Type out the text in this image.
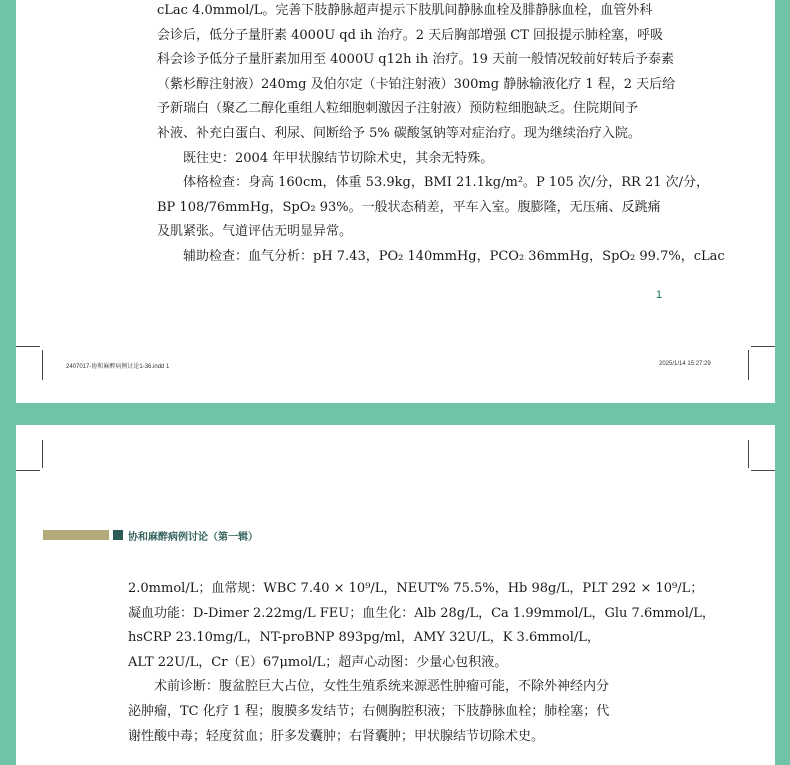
cLac 4.0mmol/L。完善下肢静脉超声提示下肢肌间静脉血栓及腓静脉血栓，血管外科

会诊后，低分子量肝素 4000U qd ih 治疗。2 天后胸部增强 CT 回报提示肺栓塞，呼吸

科会诊予低分子量肝素加用至 4000U q12h ih 治疗。19 天前一般情况较前好转后予泰素

（紫杉醇注射液）240mg 及伯尔定（卡铂注射液）300mg 静脉输液化疗 1 程，2 天后给

予新瑞白（聚乙二醇化重组人粒细胞刺激因子注射液）预防粒细胞缺乏。住院期间予

补液、补充白蛋白、利尿、间断给予 5% 碳酸氢钠等对症治疗。现为继续治疗入院。

　　既往史：2004 年甲状腺结节切除术史，其余无特殊。

　　体格检查：身高 160cm，体重 53.9kg，BMI 21.1kg/m²。P 105 次/分，RR 21 次/分，

BP 108/76mmHg，SpO₂ 93%。一般状态稍差，平车入室。腹膨隆，无压痛、反跳痛

及肌紧张。气道评估无明显异常。

　　辅助检查：血气分析：pH 7.43，PO₂ 140mmHg，PCO₂ 36mmHg，SpO₂ 99.7%，cLac

1
2407017-协和麻醉病例讨论1-36.indd 1	2025/1/14 15:27:29
协和麻醉病例讨论（第一辑）

2.0mmol/L；血常规：WBC 7.40 × 10⁹/L，NEUT% 75.5%，Hb 98g/L，PLT 292 × 10⁹/L；

凝血功能：D-Dimer 2.22mg/L FEU；血生化：Alb 28g/L，Ca 1.99mmol/L，Glu 7.6mmol/L，

hsCRP 23.10mg/L，NT-proBNP 893pg/ml，AMY 32U/L，K 3.6mmol/L，

ALT 22U/L，Cr（E）67μmol/L；超声心动图：少量心包积液。

　　术前诊断：腹盆腔巨大占位，女性生殖系统来源恶性肿瘤可能，不除外神经内分

泌肿瘤，TC 化疗 1 程；腹膜多发结节；右侧胸腔积液；下肢静脉血栓；肺栓塞；代

谢性酸中毒；轻度贫血；肝多发囊肿；右肾囊肿；甲状腺结节切除术史。
